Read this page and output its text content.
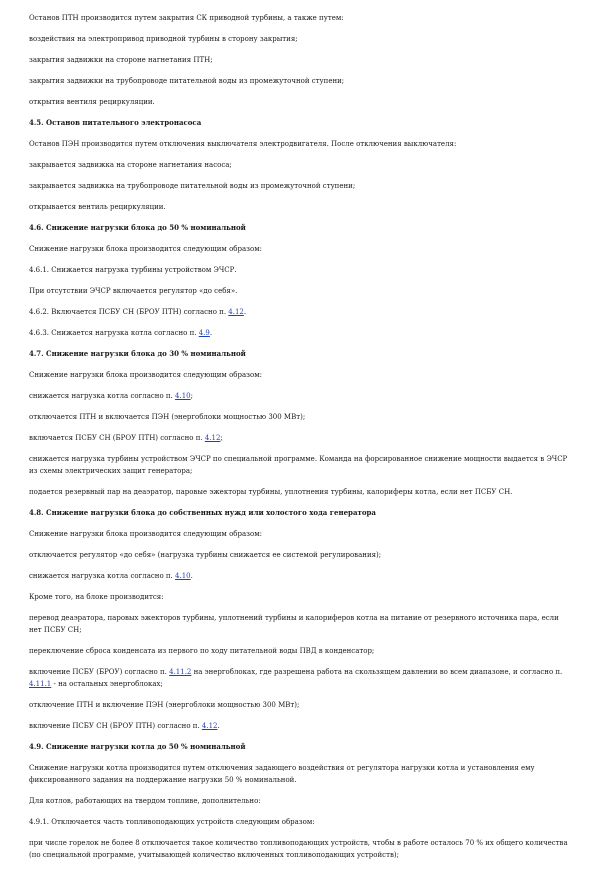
Останов ПТН производится путем закрытия СК приводной турбины, а также путем:

воздействия на электропривод приводной турбины в сторону закрытия;

закрытия задвижки на стороне нагнетания ПТН;

закрытия задвижки на трубопроводе питательной воды из промежуточной ступени;

открытия вентиля рециркуляции.

4.5. Останов питательного электронасоса

Останов ПЭН производится путем отключения выключателя электродвигателя. После отключения выключателя:

закрывается задвижка на стороне нагнетания насоса;

закрывается задвижка на трубопроводе питательной воды из промежуточной ступени;

открывается вентиль рециркуляции.

4.6. Снижение нагрузки блока до 50 % номинальной

Снижение нагрузки блока производится следующим образом:

4.6.1. Снижается нагрузка турбины устройством ЭЧСР.

При отсутствии ЭЧСР включается регулятор «до себя».

4.6.2. Включается ПСБУ СН (БРОУ ПТН) согласно п. 4.12.

4.6.3. Снижается нагрузка котла согласно п. 4.9.

4.7. Снижение нагрузки блока до 30 % номинальной

Снижение нагрузки блока производится следующим образом:

снижается нагрузка котла согласно п. 4.10;

отключается ПТН и включается ПЭН (энергоблоки мощностью 300 МВт);

включается ПСБУ СН (БРОУ ПТН) согласно п. 4.12;

снижается нагрузка турбины устройством ЭЧСР по специальной программе. Команда на форсированное снижение мощности выдается в ЭЧСР из схемы электрических защит генератора;

подается резервный пар на деаэратор, паровые эжекторы турбины, уплотнения турбины, калориферы котла, если нет ПСБУ СН.

4.8. Снижение нагрузки блока до собственных нужд или холостого хода генератора

Снижение нагрузки блока производится следующим образом:

отключается регулятор «до себя» (нагрузка турбины снижается ее системой регулирования);

снижается нагрузка котла согласно п. 4.10.

Кроме того, на блоке производится:

перевод деаэратора, паровых эжекторов турбины, уплотнений турбины и калориферов котла на питание от резервного источника пара, если нет ПСБУ СН;

переключение сброса конденсата из первого по ходу питательной воды ПВД в конденсатор;

включение ПСБУ (БРОУ) согласно п. 4.11.2 на энергоблоках, где разрешена работа на скользящем давлении во всем диапазоне, и согласно п. 4.11.1 - на остальных энергоблоках;

отключение ПТН и включение ПЭН (энергоблоки мощностью 300 МВт);

включение ПСБУ СН (БРОУ ПТН) согласно п. 4.12.

4.9. Снижение нагрузки котла до 50 % номинальной

Снижение нагрузки котла производится путем отключения задающего воздействия от регулятора нагрузки котла и установления ему фиксированного задания на поддержание нагрузки 50 % номинальной.

Для котлов, работающих на твердом топливе, дополнительно:

4.9.1. Отключается часть топливоподающих устройств следующим образом:

при числе горелок не более 8 отключается такое количество топливоподающих устройств, чтобы в работе осталось 70 % их общего количества (по специальной программе, учитывающей количество включенных топливоподающих устройств);
